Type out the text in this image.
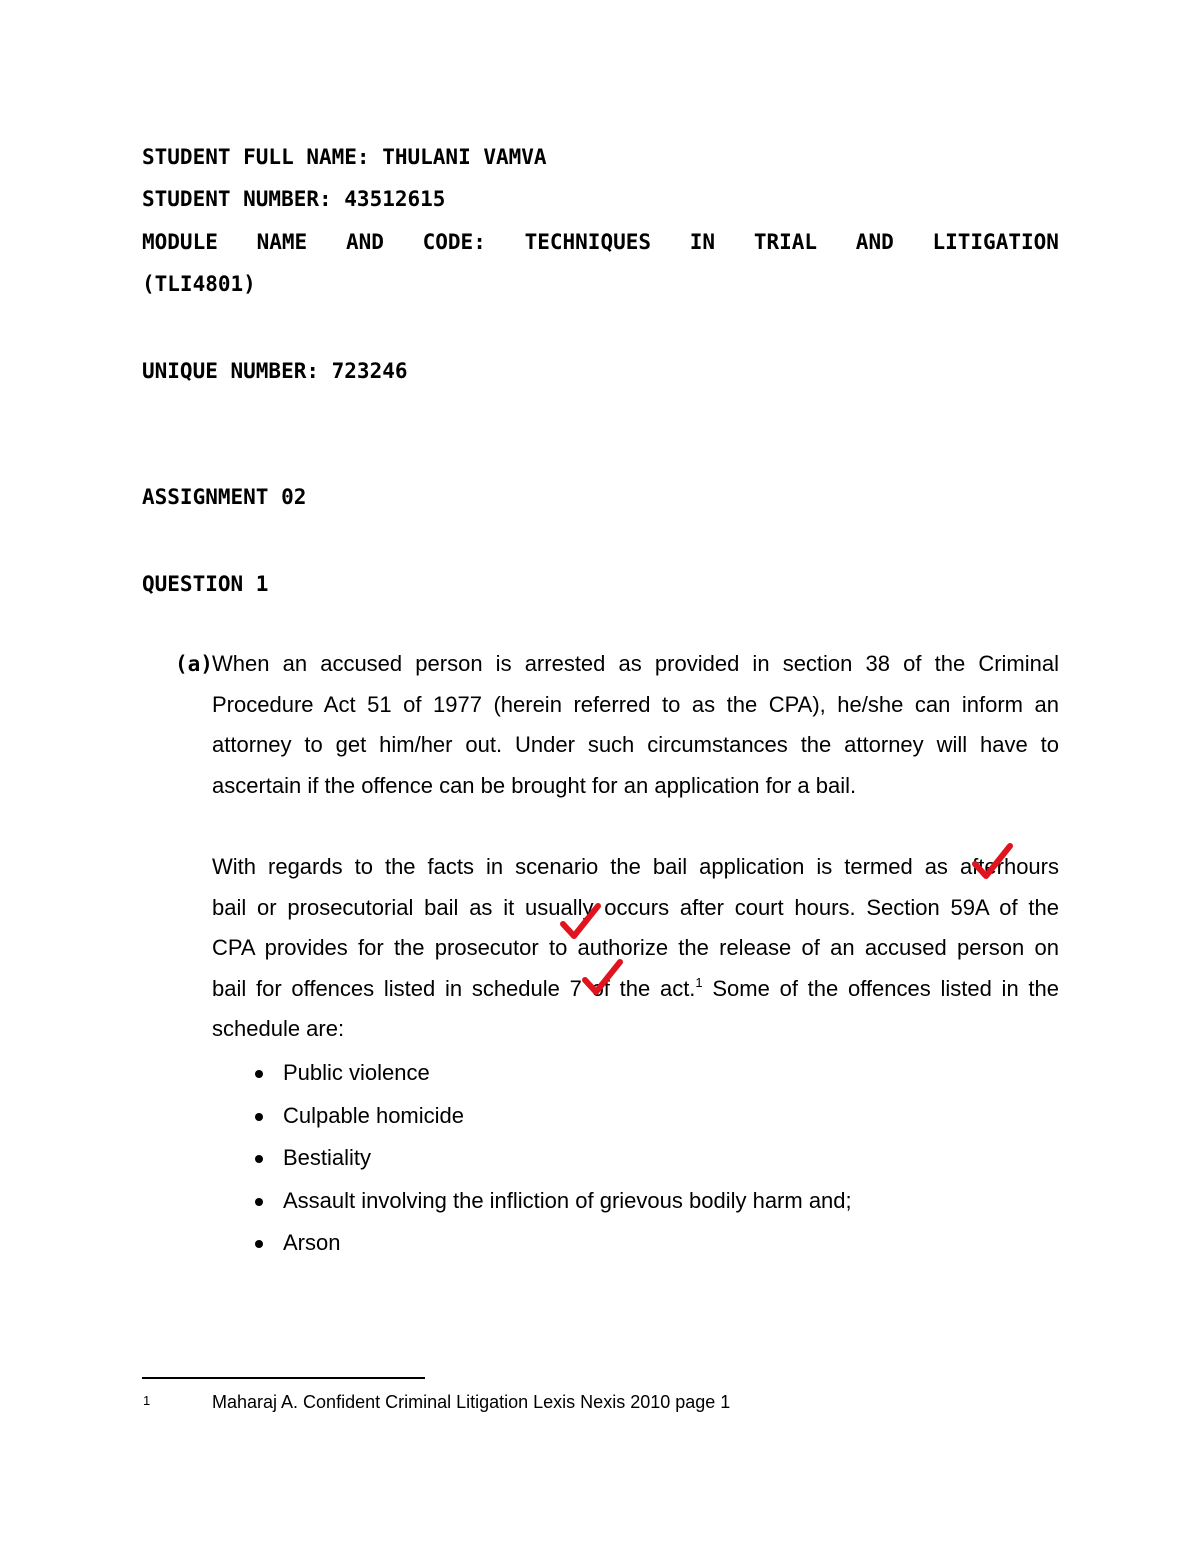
STUDENT FULL NAME: THULANI VAMVA
STUDENT NUMBER: 43512615
MODULE NAME AND CODE: TECHNIQUES IN TRIAL AND LITIGATION
(TLI4801)
UNIQUE NUMBER: 723246
ASSIGNMENT 02
QUESTION 1
(a) When an accused person is arrested as provided in section 38 of the Criminal
Procedure Act 51 of 1977 (herein referred to as the CPA), he/she can inform an
attorney to get him/her out. Under such circumstances the attorney will have to
ascertain if the offence can be brought for an application for a bail.
With regards to the facts in scenario the bail application is termed as afterhours
bail or prosecutorial bail as it usually occurs after court hours. Section 59A of the
CPA provides for the prosecutor to authorize the release of an accused person on
bail for offences listed in schedule 7 of the act.$^1$ Some of the offences listed in the
schedule are:
Public violence
Culpable homicide
Bestiality
Assault involving the infliction of grievous bodily harm and;
Arson
1	Maharaj A. Confident Criminal Litigation Lexis Nexis 2010 page 1
